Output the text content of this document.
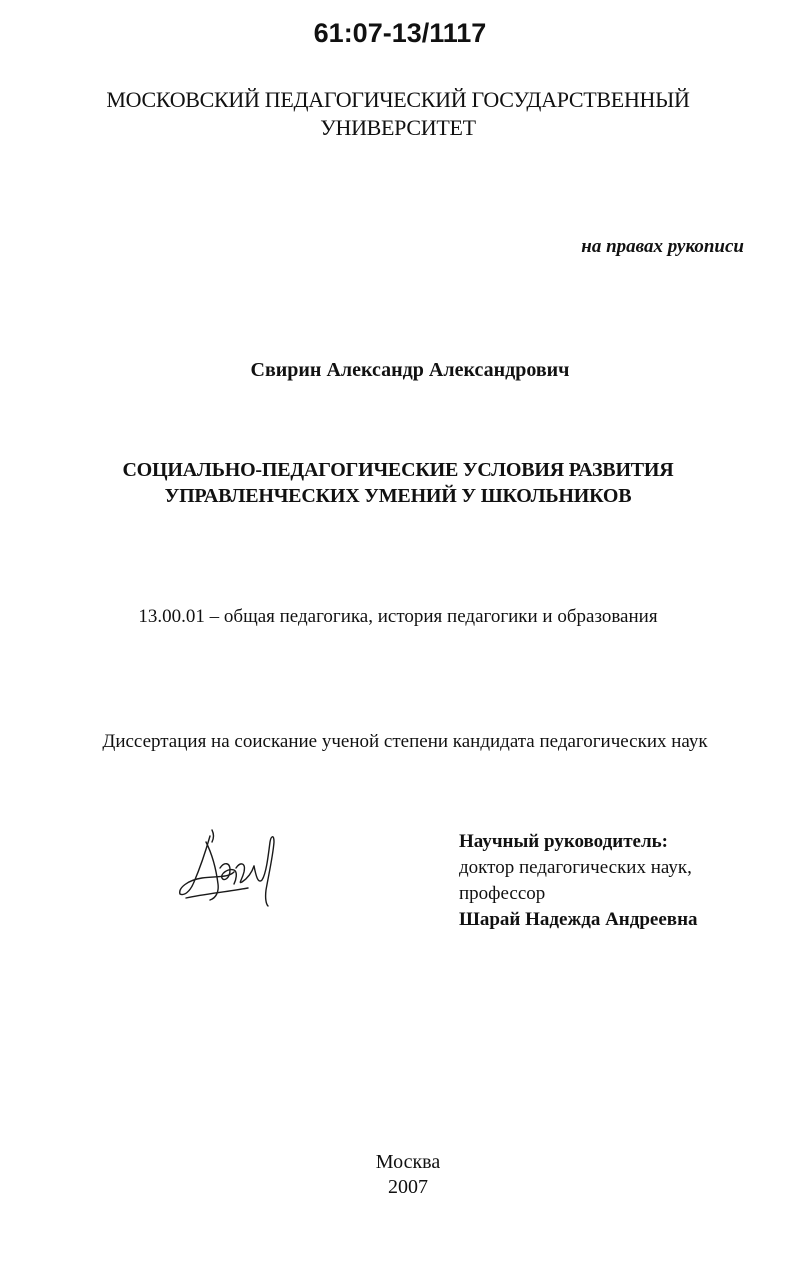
61:07-13/1117
МОСКОВСКИЙ ПЕДАГОГИЧЕСКИЙ ГОСУДАРСТВЕННЫЙ
УНИВЕРСИТЕТ
на правах рукописи
Свирин Александр Александрович
СОЦИАЛЬНО-ПЕДАГОГИЧЕСКИЕ УСЛОВИЯ РАЗВИТИЯ
УПРАВЛЕНЧЕСКИХ УМЕНИЙ У ШКОЛЬНИКОВ
13.00.01 – общая педагогика, история педагогики и образования
Диссертация на соискание ученой степени кандидата педагогических наук
Научный руководитель:
доктор педагогических наук,
профессор
Шарай Надежда Андреевна
Москва
2007
